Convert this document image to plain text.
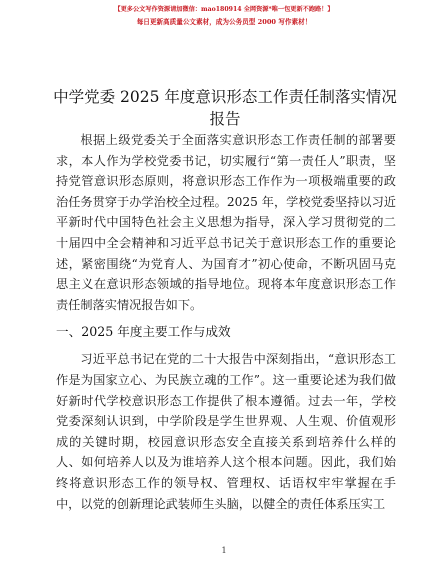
【更多公文写作资源请加微信：mao180914 全网资源*唯一包更新不跑路！】
每日更新高质量公文素材，成为公务员型 2000 写作素材！
中学党委 2025 年度意识形态工作责任制落实情况报告

根据上级党委关于全面落实意识形态工作责任制的部署要求，本人作为学校党委书记，切实履行“第一责任人”职责，坚持党管意识形态原则，将意识形态工作作为一项极端重要的政治任务贯穿于办学治校全过程。2025 年，学校党委坚持以习近平新时代中国特色社会主义思想为指导，深入学习贯彻党的二十届四中全会精神和习近平总书记关于意识形态工作的重要论述，紧密围绕“为党育人、为国育才”初心使命，不断巩固马克思主义在意识形态领域的指导地位。现将本年度意识形态工作责任制落实情况报告如下。

一、2025 年度主要工作与成效

习近平总书记在党的二十大报告中深刻指出，“意识形态工作是为国家立心、为民族立魂的工作”。这一重要论述为我们做好新时代学校意识形态工作提供了根本遵循。过去一年，学校党委深刻认识到，中学阶段是学生世界观、人生观、价值观形成的关键时期，校园意识形态安全直接关系到培养什么样的人、如何培养人以及为谁培养人这个根本问题。因此，我们始终将意识形态工作的领导权、管理权、话语权牢牢掌握在手中，以党的创新理论武装师生头脑，以健全的责任体系压实工

1
